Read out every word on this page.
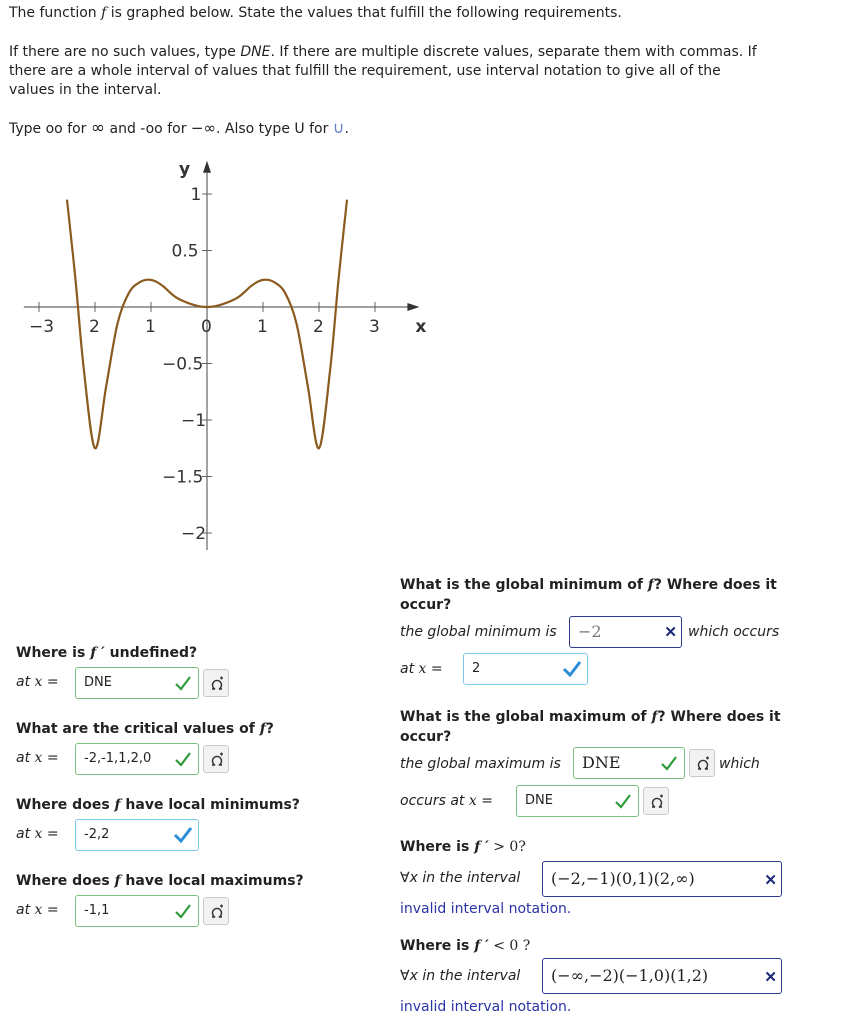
The function f is graphed below. State the values that fulfill the following requirements.
If there are no such values, type DNE. If there are multiple discrete values, separate them with commas. If
there are a whole interval of values that fulfill the requirement, use interval notation to give all of the
values in the interval.
Type oo for ∞ and -oo for −∞. Also type U for ∪.
x
y
−3 2	1	0	1	2	3
1
0.5
−0.5
−1
−1.5
−2
Where is f ′ undefined?
at x =	DNE
What are the critical values of f?
at x =	-2,-1,1,2,0
Where does f have local minimums?
at x =	-2,2
Where does f have local maximums?
at x =	-1,1
What is the global minimum of f? Where does it
occur?
the global minimum is	−2	✕ which occurs
at x =	2
What is the global maximum of f? Where does it
occur?
the global maximum is	DNE	which
occurs at x =	DNE
Where is f ′ > 0?
∀x in the interval	(−2,−1)(0,1)(2,∞)	✕
invalid interval notation.
Where is f ′ < 0 ?
∀x in the interval	(−∞,−2)(−1,0)(1,2)	✕
invalid interval notation.
